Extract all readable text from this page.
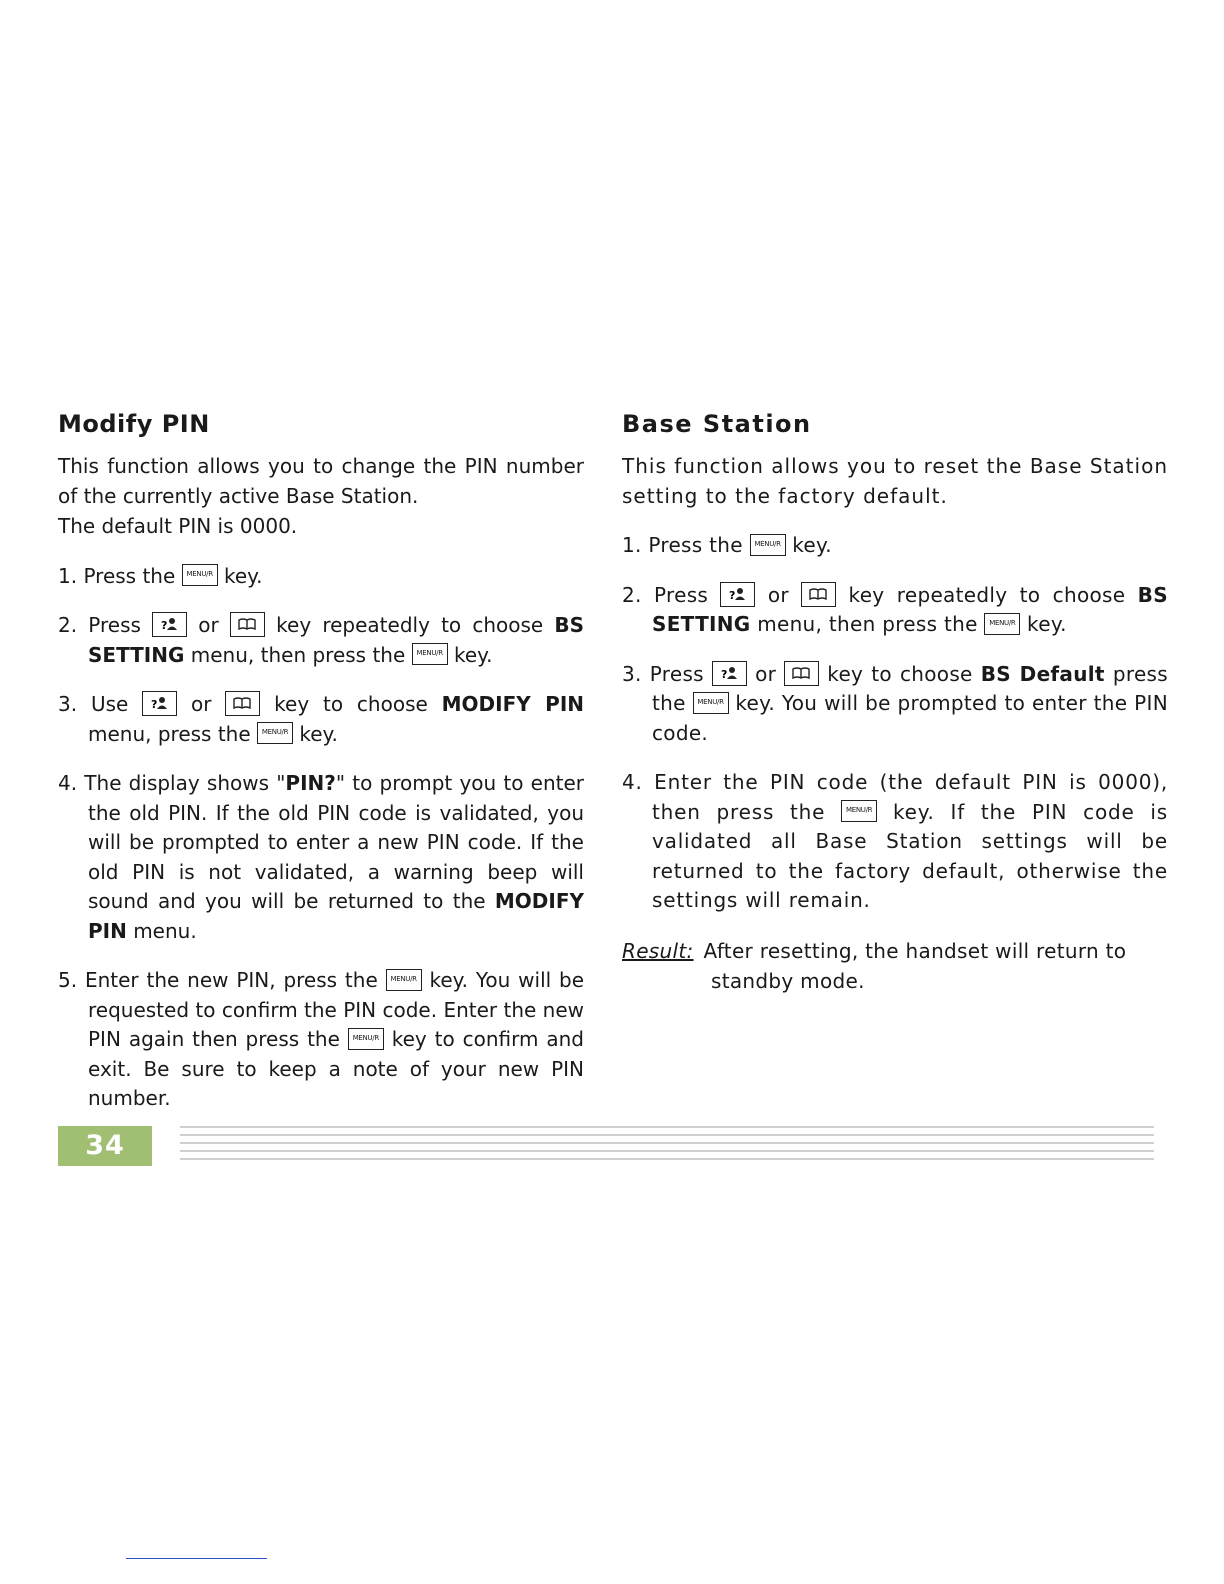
Modify PIN

This function allows you to change the PIN number of the currently active Base Station.

The default PIN is 0000.

1. Press the MENU/R key.
2. Press ? or	key repeatedly to choose BS SETTING menu, then press the MENU/R key.
3. Use ? or	key to choose MODIFY PIN menu, press the MENU/R key.
4. The display shows "PIN?" to prompt you to enter the old PIN. If the old PIN code is validated, you will be prompted to enter a new PIN code. If the old PIN is not validated, a warning beep will sound and you will be returned to the MODIFY PIN menu.
5. Enter the new PIN, press the MENU/R key. You will be requested to confirm the PIN code. Enter the new PIN again then press the MENU/R key to confirm and exit. Be sure to keep a note of your new PIN number.
Base Station

This function allows you to reset the Base Station setting to the factory default.

1. Press the MENU/R key.
2. Press ? or	key repeatedly to choose BS SETTING menu, then press the MENU/R key.
3. Press ? or	key to choose BS Default press the MENU/R key. You will be prompted to enter the PIN code.
4. Enter the PIN code (the default PIN is 0000), then press the	MENU/R key. If the PIN code is validated all Base Station settings will be returned to the factory default, otherwise the settings will remain.

Result: After resetting, the handset will return to standby mode.

34
